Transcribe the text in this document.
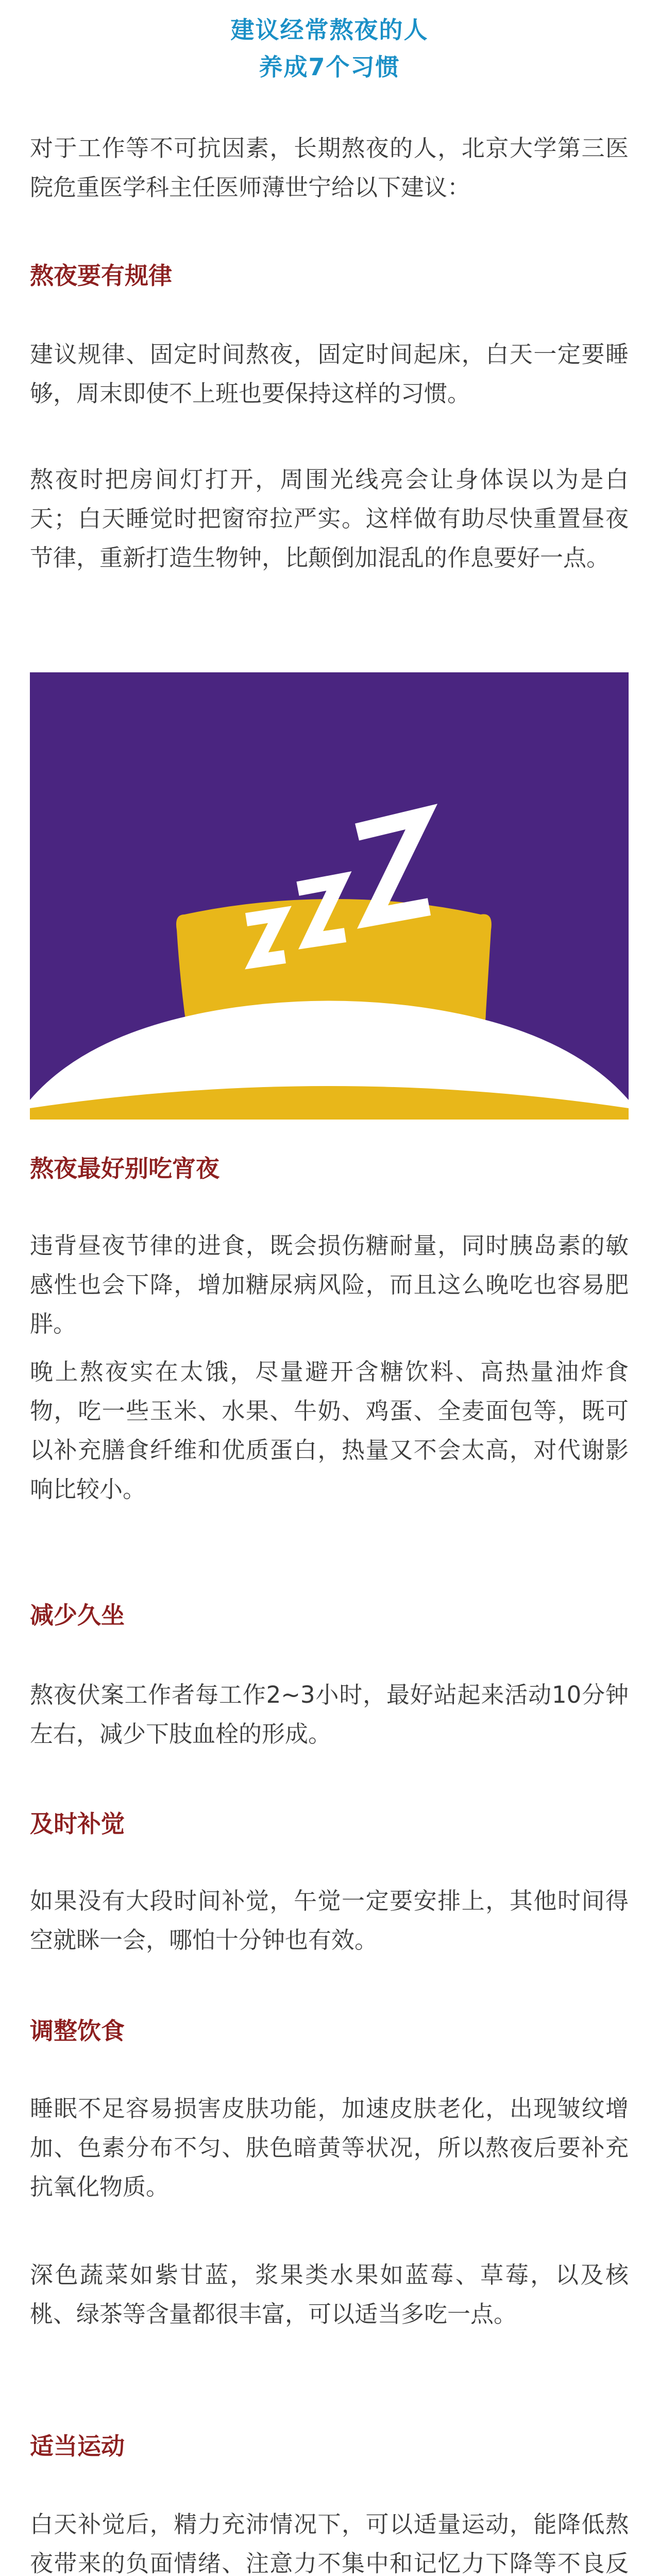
建议经常熬夜的人
养成7个习惯

对于工作等不可抗因素，长期熬夜的人，北京大学第三医院危重医学科主任医师薄世宁给以下建议：

熬夜要有规律

建议规律、固定时间熬夜，固定时间起床，白天一定要睡够，周末即使不上班也要保持这样的习惯。

熬夜时把房间灯打开，周围光线亮会让身体误以为是白天；白天睡觉时把窗帘拉严实。这样做有助尽快重置昼夜节律，重新打造生物钟，比颠倒加混乱的作息要好一点。

熬夜最好别吃宵夜

违背昼夜节律的进食，既会损伤糖耐量，同时胰岛素的敏感性也会下降，增加糖尿病风险，而且这么晚吃也容易肥胖。

晚上熬夜实在太饿，尽量避开含糖饮料、高热量油炸食物，吃一些玉米、水果、牛奶、鸡蛋、全麦面包等，既可以补充膳食纤维和优质蛋白，热量又不会太高，对代谢影响比较小。

减少久坐

熬夜伏案工作者每工作2~3小时，最好站起来活动10分钟左右，减少下肢血栓的形成。

及时补觉

如果没有大段时间补觉，午觉一定要安排上，其他时间得空就眯一会，哪怕十分钟也有效。

调整饮食

睡眠不足容易损害皮肤功能，加速皮肤老化，出现皱纹增加、色素分布不匀、肤色暗黄等状况，所以熬夜后要补充抗氧化物质。

深色蔬菜如紫甘蓝，浆果类水果如蓝莓、草莓，以及核桃、绿茶等含量都很丰富，可以适当多吃一点。

适当运动

白天补觉后，精力充沛情况下，可以适量运动，能降低熬夜带来的负面情绪、注意力不集中和记忆力下降等不良反
